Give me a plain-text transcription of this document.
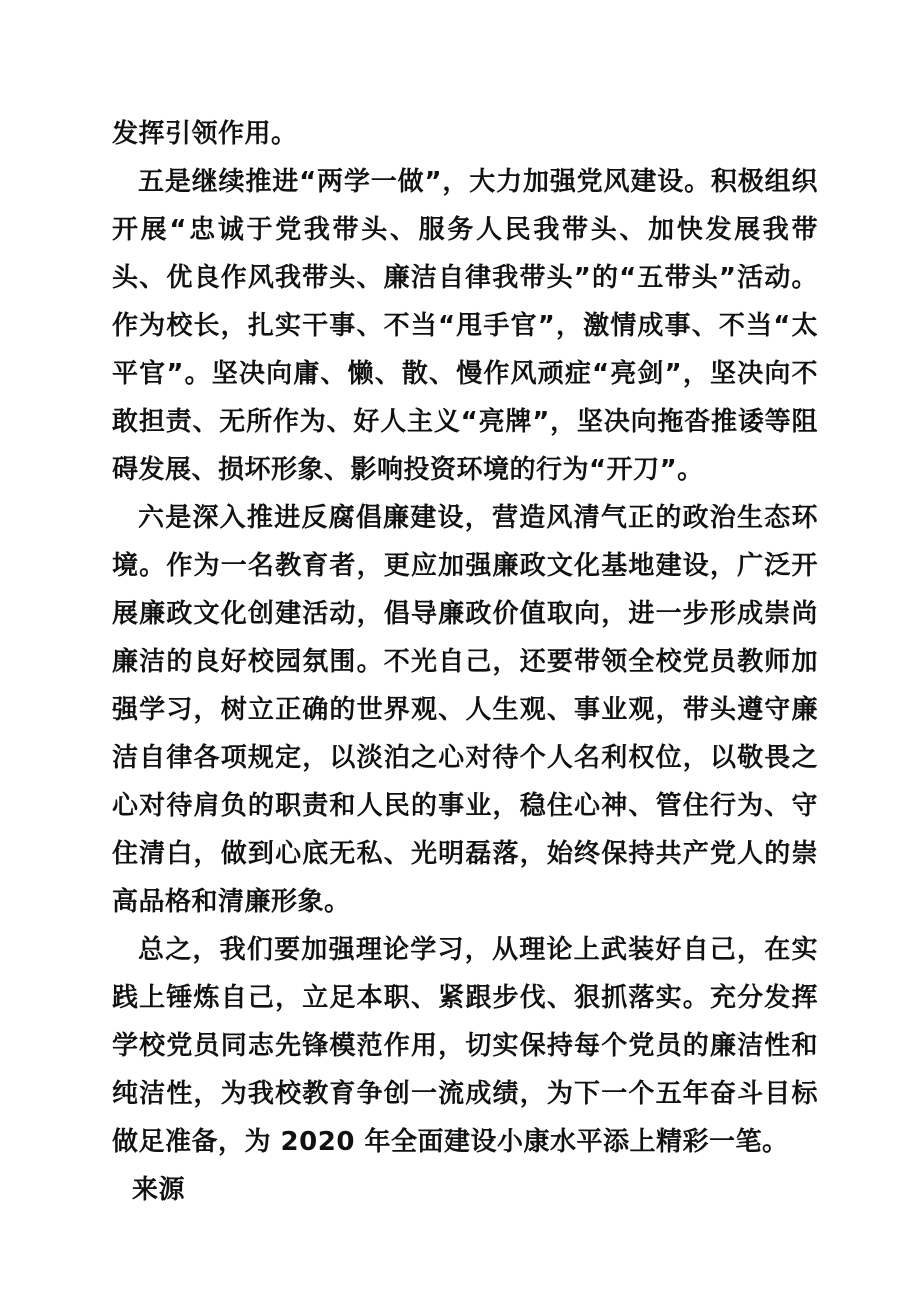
发挥引领作用。

五是继续推进“两学一做”，大力加强党风建设。积极组织开展“忠诚于党我带头、服务人民我带头、加快发展我带头、优良作风我带头、廉洁自律我带头”的“五带头”活动。作为校长，扎实干事、不当“甩手官”，激情成事、不当“太平官”。坚决向庸、懒、散、慢作风顽症“亮剑”，坚决向不敢担责、无所作为、好人主义“亮牌”，坚决向拖沓推诿等阻碍发展、损坏形象、影响投资环境的行为“开刀”。

六是深入推进反腐倡廉建设，营造风清气正的政治生态环境。作为一名教育者，更应加强廉政文化基地建设，广泛开展廉政文化创建活动，倡导廉政价值取向，进一步形成崇尚廉洁的良好校园氛围。不光自己，还要带领全校党员教师加强学习，树立正确的世界观、人生观、事业观，带头遵守廉洁自律各项规定，以淡泊之心对待个人名利权位，以敬畏之心对待肩负的职责和人民的事业，稳住心神、管住行为、守住清白，做到心底无私、光明磊落，始终保持共产党人的崇高品格和清廉形象。

总之，我们要加强理论学习，从理论上武装好自己，在实践上锤炼自己，立足本职、紧跟步伐、狠抓落实。充分发挥学校党员同志先锋模范作用，切实保持每个党员的廉洁性和纯洁性，为我校教育争创一流成绩，为下一个五年奋斗目标做足准备，为 2020 年全面建设小康水平添上精彩一笔。

来源
